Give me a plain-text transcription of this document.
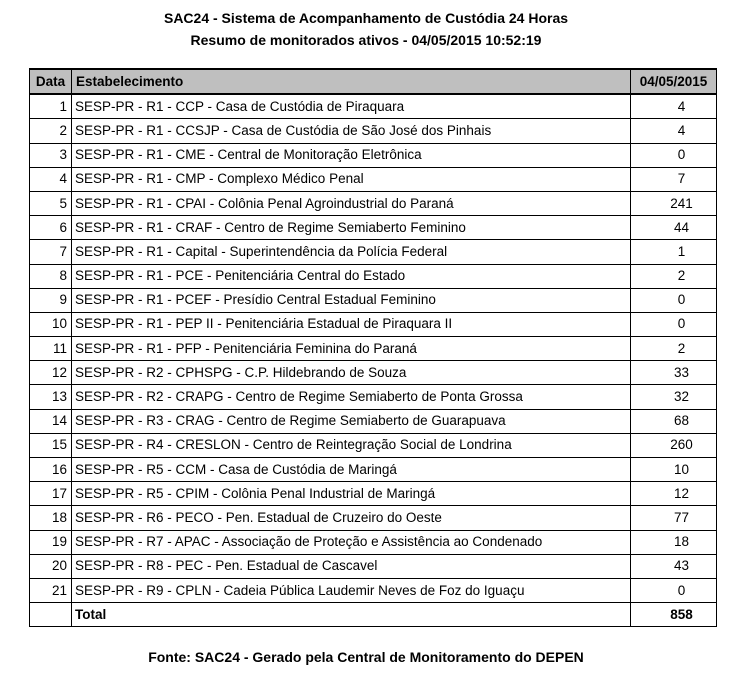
SAC24 - Sistema de Acompanhamento de Custódia 24 Horas
Resumo de monitorados ativos - 04/05/2015 10:52:19
Data	Estabelecimento	04/05/2015
1	SESP-PR - R1 - CCP - Casa de Custódia de Piraquara	4
2	SESP-PR - R1 - CCSJP - Casa de Custódia de São José dos Pinhais	4
3	SESP-PR - R1 - CME - Central de Monitoração Eletrônica	0
4	SESP-PR - R1 - CMP - Complexo Médico Penal	7
5	SESP-PR - R1 - CPAI - Colônia Penal Agroindustrial do Paraná	241
6	SESP-PR - R1 - CRAF - Centro de Regime Semiaberto Feminino	44
7	SESP-PR - R1 - Capital - Superintendência da Polícia Federal	1
8	SESP-PR - R1 - PCE - Penitenciária Central do Estado	2
9	SESP-PR - R1 - PCEF - Presídio Central Estadual Feminino	0
10	SESP-PR - R1 - PEP II - Penitenciária Estadual de Piraquara II	0
11	SESP-PR - R1 - PFP - Penitenciária Feminina do Paraná	2
12	SESP-PR - R2 - CPHSPG - C.P. Hildebrando de Souza	33
13	SESP-PR - R2 - CRAPG - Centro de Regime Semiaberto de Ponta Grossa	32
14	SESP-PR - R3 - CRAG - Centro de Regime Semiaberto de Guarapuava	68
15	SESP-PR - R4 - CRESLON - Centro de Reintegração Social de Londrina	260
16	SESP-PR - R5 - CCM - Casa de Custódia de Maringá	10
17	SESP-PR - R5 - CPIM - Colônia Penal Industrial de Maringá	12
18	SESP-PR - R6 - PECO - Pen. Estadual de Cruzeiro do Oeste	77
19	SESP-PR - R7 - APAC - Associação de Proteção e Assistência ao Condenado	18
20	SESP-PR - R8 - PEC - Pen. Estadual de Cascavel	43
21	SESP-PR - R9 - CPLN - Cadeia Pública Laudemir Neves de Foz do Iguaçu	0
	Total	858
Fonte: SAC24 - Gerado pela Central de Monitoramento do DEPEN
